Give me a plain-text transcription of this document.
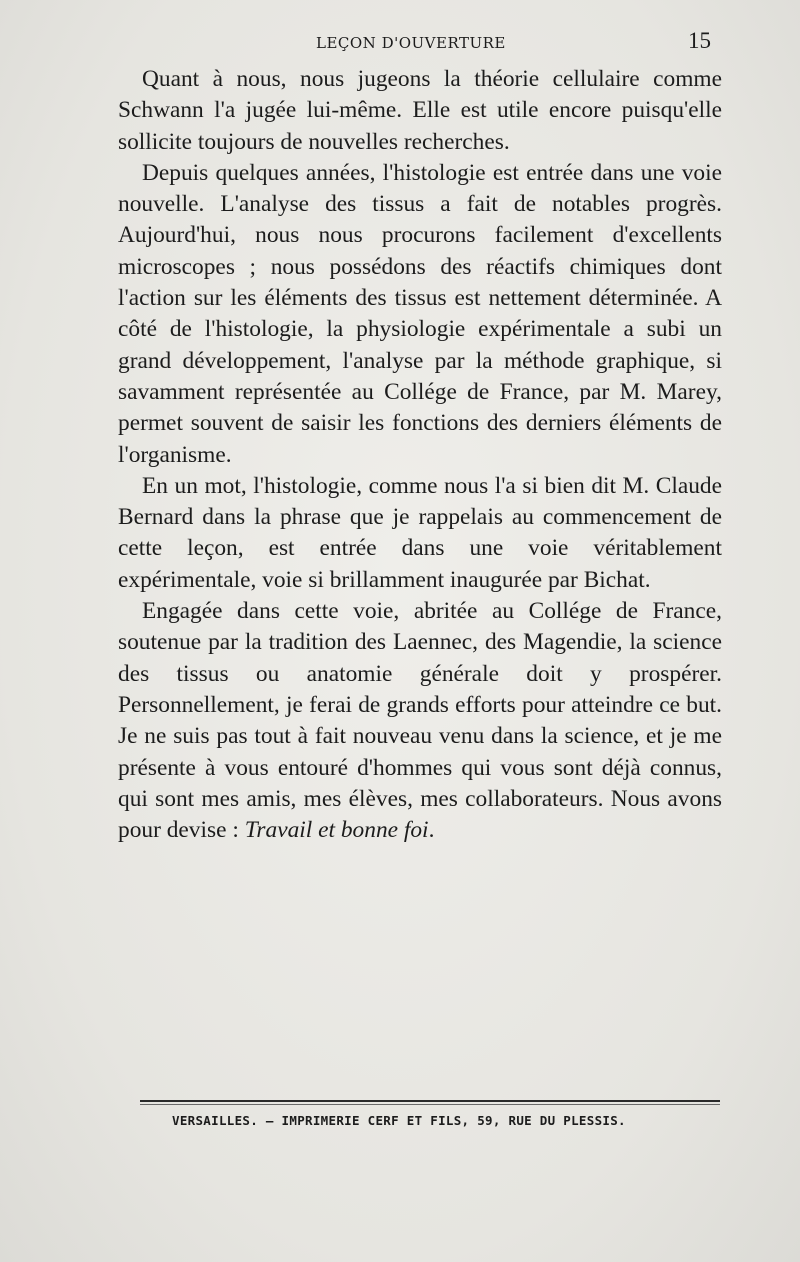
LEÇON D'OUVERTURE	15

Quant à nous, nous jugeons la théorie cellulaire comme Schwann l'a jugée lui-même. Elle est utile encore puisqu'elle sollicite toujours de nouvelles recherches.

Depuis quelques années, l'histologie est entrée dans une voie nouvelle. L'analyse des tissus a fait de notables progrès. Aujourd'hui, nous nous procurons facilement d'excellents microscopes ; nous possédons des réactifs chimiques dont l'action sur les éléments des tissus est nettement déterminée. A côté de l'histologie, la physiologie expérimentale a subi un grand développement, l'analyse par la méthode graphique, si savamment représentée au Collége de France, par M. Marey, permet souvent de saisir les fonctions des derniers éléments de l'organisme.

En un mot, l'histologie, comme nous l'a si bien dit M. Claude Bernard dans la phrase que je rappelais au commencement de cette leçon, est entrée dans une voie véritablement expérimentale, voie si brillamment inaugurée par Bichat.

Engagée dans cette voie, abritée au Collége de France, soutenue par la tradition des Laennec, des Magendie, la science des tissus ou anatomie générale doit y prospérer. Personnellement, je ferai de grands efforts pour atteindre ce but. Je ne suis pas tout à fait nouveau venu dans la science, et je me présente à vous entouré d'hommes qui vous sont déjà connus, qui sont mes amis, mes élèves, mes collaborateurs. Nous avons pour devise : Travail et bonne foi.

VERSAILLES. — IMPRIMERIE CERF ET FILS, 59, RUE DU PLESSIS.
